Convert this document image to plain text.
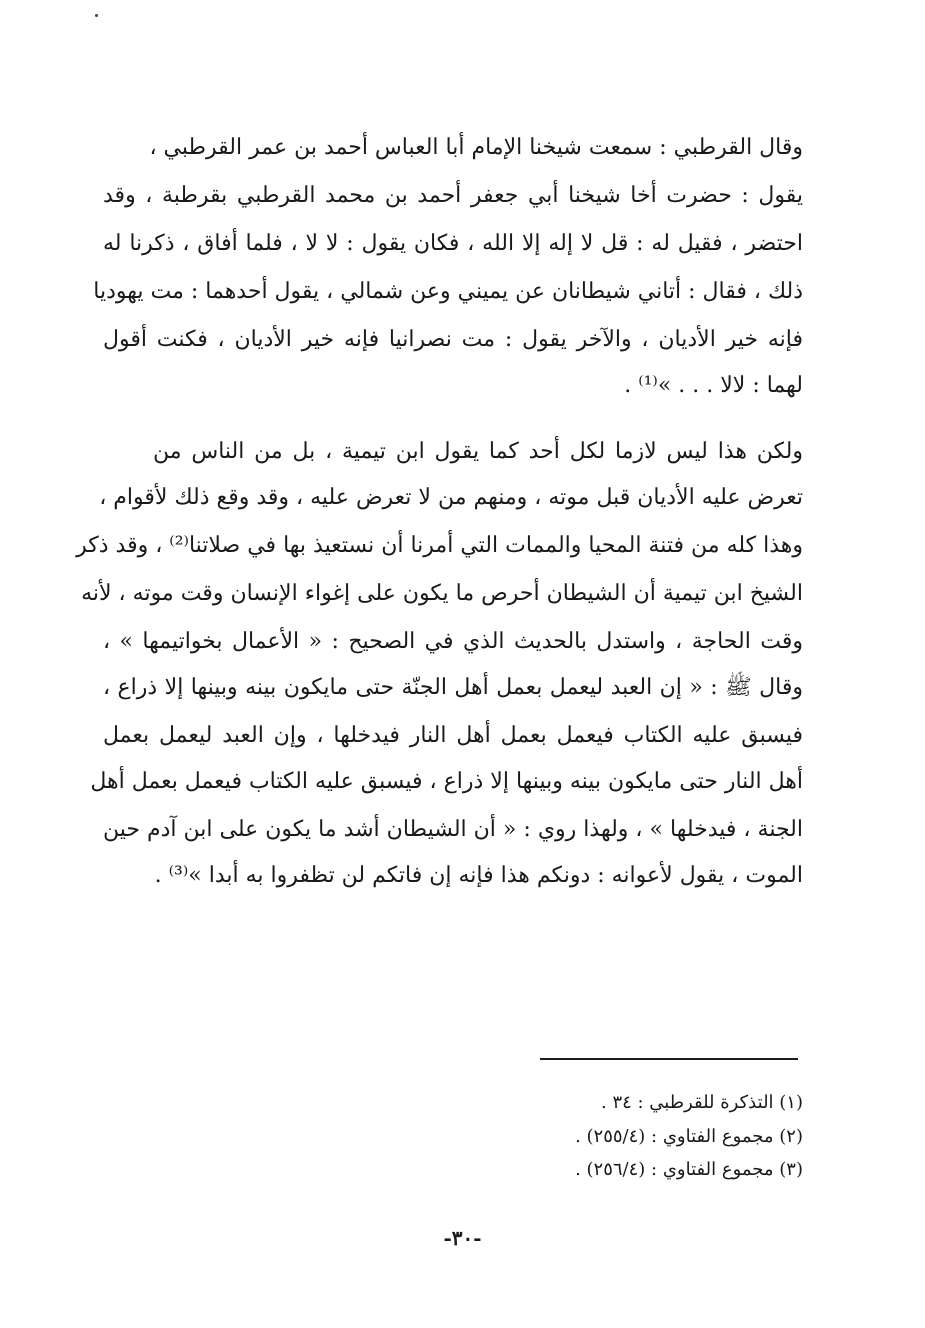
وقال القرطبي : سمعت شيخنا الإمام أبا العباس أحمد بن عمر القرطبي ،
يقول : حضرت أخا شيخنا أبي جعفر أحمد بن محمد القرطبي بقرطبة ، وقد
احتضر ، فقيل له : قل لا إله إلا الله ، فكان يقول : لا لا ، فلما أفاق ، ذكرنا له
ذلك ، فقال : أتاني شيطانان عن يميني وعن شمالي ، يقول أحدهما : مت يهوديا
فإنه خير الأديان ، والآخر يقول : مت نصرانيا فإنه خير الأديان ، فكنت أقول
لهما : لالا . . . »⁽¹⁾ .
ولكن هذا ليس لازما لكل أحد كما يقول ابن تيمية ، بل من الناس من
تعرض عليه الأديان قبل موته ، ومنهم من لا تعرض عليه ، وقد وقع ذلك لأقوام ،
وهذا كله من فتنة المحيا والممات التي أمرنا أن نستعيذ بها في صلاتنا⁽²⁾ ، وقد ذكر
الشيخ ابن تيمية أن الشيطان أحرص ما يكون على إغواء الإنسان وقت موته ، لأنه
وقت الحاجة ، واستدل بالحديث الذي في الصحيح : « الأعمال بخواتيمها » ،
وقال ﷺ : « إن العبد ليعمل بعمل أهل الجنّة حتى مايكون بينه وبينها إلا ذراع ،
فيسبق عليه الكتاب فيعمل بعمل أهل النار فيدخلها ، وإن العبد ليعمل بعمل
أهل النار حتى مايكون بينه وبينها إلا ذراع ، فيسبق عليه الكتاب فيعمل بعمل أهل
الجنة ، فيدخلها » ، ولهذا روي : « أن الشيطان أشد ما يكون على ابن آدم حين
الموت ، يقول لأعوانه : دونكم هذا فإنه إن فاتكم لن تظفروا به أبدا »⁽³⁾ .
(١) التذكرة للقرطبي : ٣٤ .
(٢) مجموع الفتاوي : (٢٥٥/٤) .
(٣) مجموع الفتاوي : (٢٥٦/٤) .
-٣٠-
